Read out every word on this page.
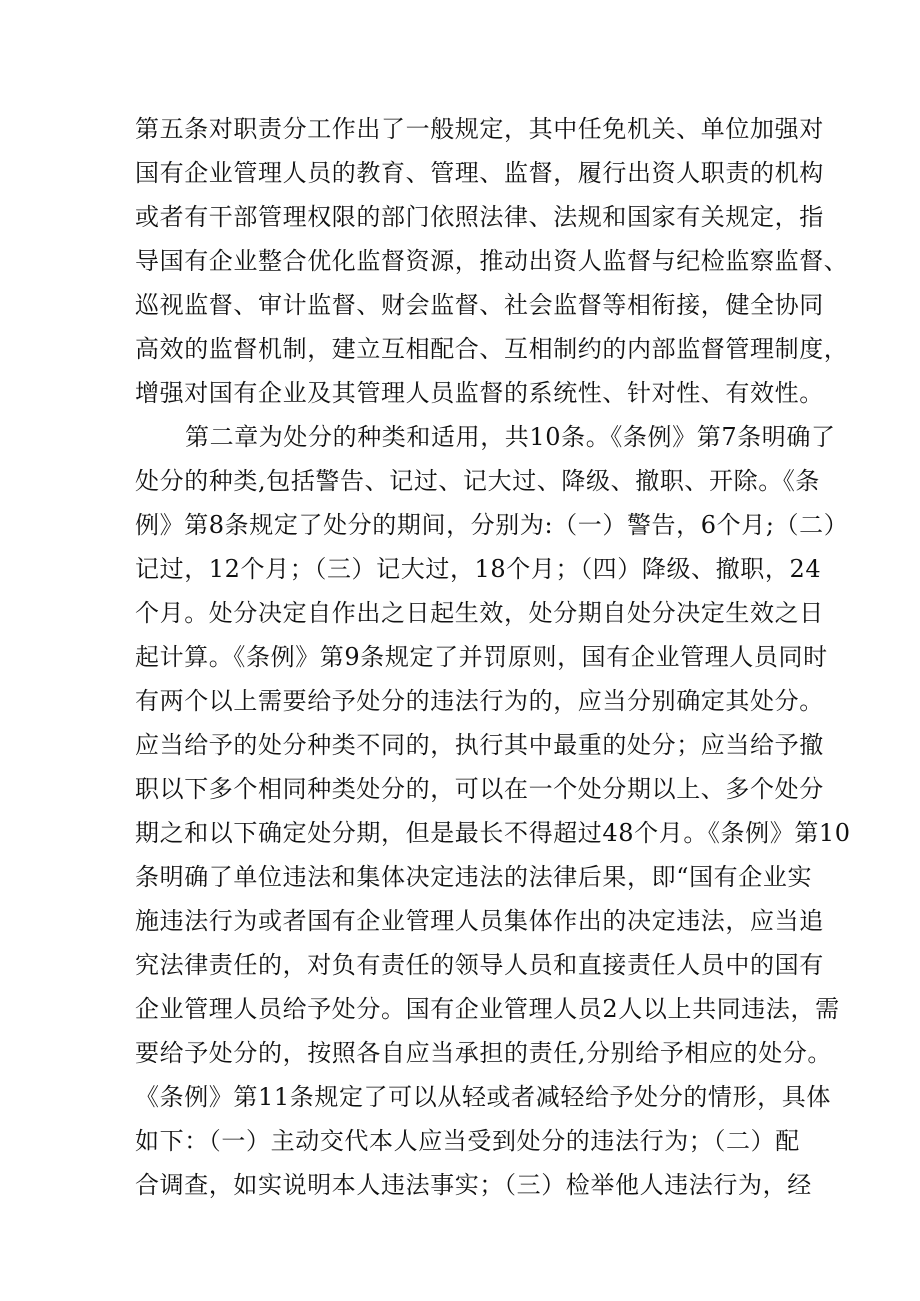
第五条对职责分工作出了一般规定，其中任免机关、单位加强对
国有企业管理人员的教育、管理、监督，履行出资人职责的机构
或者有干部管理权限的部门依照法律、法规和国家有关规定，指
导国有企业整合优化监督资源，推动出资人监督与纪检监察监督、
巡视监督、审计监督、财会监督、社会监督等相衔接，健全协同
高效的监督机制，建立互相配合、互相制约的内部监督管理制度，
增强对国有企业及其管理人员监督的系统性、针对性、有效性。
第二章为处分的种类和适用，共10条。《条例》第7条明确了
处分的种类,包括警告、记过、记大过、降级、撤职、开除。《条
例》第8条规定了处分的期间，分别为:（一）警告，6个月;（二）
记过，12个月；（三）记大过，18个月；（四）降级、撤职，24
个月。处分决定自作出之日起生效，处分期自处分决定生效之日
起计算。《条例》第9条规定了并罚原则，国有企业管理人员同时
有两个以上需要给予处分的违法行为的，应当分别确定其处分。
应当给予的处分种类不同的，执行其中最重的处分；应当给予撤
职以下多个相同种类处分的，可以在一个处分期以上、多个处分
期之和以下确定处分期，但是最长不得超过48个月。《条例》第10
条明确了单位违法和集体决定违法的法律后果，即“国有企业实
施违法行为或者国有企业管理人员集体作出的决定违法，应当追
究法律责任的，对负有责任的领导人员和直接责任人员中的国有
企业管理人员给予处分。国有企业管理人员2人以上共同违法，需
要给予处分的，按照各自应当承担的责任,分别给予相应的处分。
《条例》第11条规定了可以从轻或者减轻给予处分的情形，具体
如下：（一）主动交代本人应当受到处分的违法行为；（二）配
合调查，如实说明本人违法事实；（三）检举他人违法行为，经
